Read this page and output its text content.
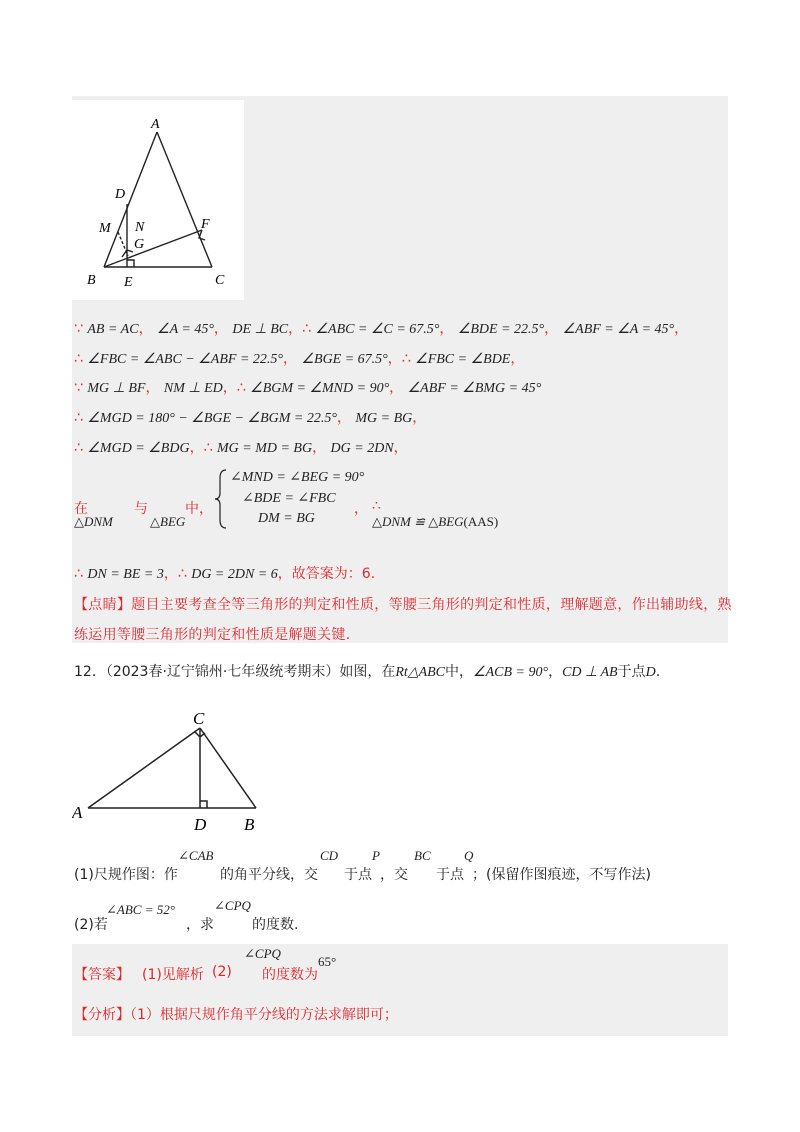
A
D
M N
G
F
B E	C
∵ AB = AC， ∠A = 45°， DE ⊥ BC，∴ ∠ABC = ∠C = 67.5°， ∠BDE = 22.5°， ∠ABF = ∠A = 45°，
∴ ∠FBC = ∠ABC − ∠ABF = 22.5°， ∠BGE = 67.5°，∴ ∠FBC = ∠BDE，
∵ MG ⊥ BF， NM ⊥ ED，∴ ∠BGM = ∠MND = 90°， ∠ABF = ∠BMG = 45°
∴ ∠MGD = 180° − ∠BGE − ∠BGM = 22.5°， MG = BG，
∴ ∠MGD = ∠BDG，∴ MG = MD = BG， DG = 2DN，
在
△DNM
与
△BEG
中，
∠MND = ∠BEG = 90°
∠BDE = ∠FBC
DM = BG
， ∴
△DNM ≌ △BEG(AAS)
∴ DN = BE = 3，∴ DG = 2DN = 6，故答案为：6.
【点睛】题目主要考查全等三角形的判定和性质，等腰三角形的判定和性质，理解题意，作出辅助线，熟
练运用等腰三角形的判定和性质是解题关键.
12．（2023春·辽宁锦州·七年级统考期末）如图，在Rt△ABC中，∠ACB = 90°，CD ⊥ AB于点D.
C
A
D B
(1)尺规作图：作
∠CAB
的角平分线，交
CD
于点
P
，交
BC
于点
Q
；(保留作图痕迹，不写作法)
(2)若
∠ABC = 52°
，求
∠CPQ
的度数.
【答案】 (1)见解析 (2)
∠CPQ
的度数为
65°
【分析】（1）根据尺规作角平分线的方法求解即可；
